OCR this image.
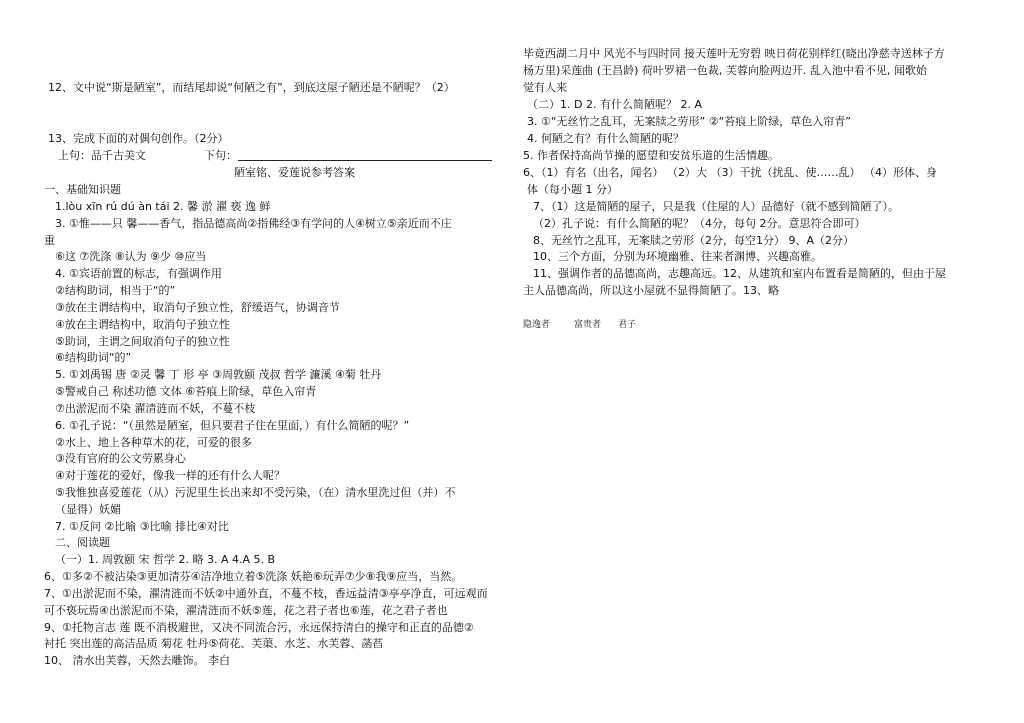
12、文中说“斯是陋室”，而结尾却说“何陋之有”，到底这屋子陋还是不陋呢？（2）
13、完成下面的对偶句创作。（2分）
上句：品千古美文	下句：
陋室铭、爱莲说参考答案
一、基础知识题
1.lòu xīn rú dú àn tái 2. 馨 淤 濯 亵 逸 鲜
3. ①惟——只 馨——香气，指品德高尚②指佛经③有学问的人④树立⑤亲近而不庄
重
⑥这 ⑦洗涤 ⑧认为 ⑨少 ⑩应当
4. ①宾语前置的标志，有强调作用
②结构助词，相当于“的”
③放在主谓结构中，取消句子独立性，舒缓语气，协调音节
④放在主谓结构中，取消句子独立性
⑤助词，主谓之间取消句子的独立性
⑥结构助词“的”
5. ①刘禹锡 唐 ②灵 馨 丁 形 亭 ③周敦颐 茂叔 哲学 濂溪 ④菊 牡丹
⑤警戒自己 称述功德 文体 ⑥苔痕上阶绿，草色入帘青
⑦出淤泥而不染 濯清涟而不妖，不蔓不枝
6. ①孔子说：“（虽然是陋室，但只要君子住在里面，）有什么简陋的呢？”
②水上、地上各种草木的花，可爱的很多
③没有官府的公文劳累身心
④对于莲花的爱好，像我一样的还有什么人呢？
⑤我惟独喜爱莲花（从）污泥里生长出来却不受污染，（在）清水里洗过但（并）不
（显得）妖媚
7. ①反问 ②比喻 ③比喻 排比④对比
二、阅读题
（一）1. 周敦颐 宋 哲学 2. 略 3. A 4.A 5. B
6、①多②不被沾染③更加清芬④洁净地立着⑤洗涤 妖艳⑥玩弄⑦少⑧我⑨应当，当然。
7、①出淤泥而不染，濯清涟而不妖②中通外直，不蔓不枝，香远益清③亭亭净直，可远观而
可不亵玩焉④出淤泥而不染，濯清涟而不妖⑤莲，花之君子者也⑥莲，花之君子者也
9、①托物言志 莲 既不消极避世，又决不同流合污，永远保持清白的操守和正直的品德②
衬托 突出莲的高洁品质 菊花 牡丹⑤荷花、芙蕖、水芝、水芙蓉、菡萏
10、 清水出芙蓉，天然去雕饰。 李白
毕竟西湖二月中 风光不与四时同 接天莲叶无穷碧 映日荷花别样红(晓出净慈寺送林子方
杨万里)采莲曲 (王昌龄) 荷叶罗裙一色裁, 芙蓉向脸两边开. 乱入池中看不见, 闻歌始
觉有人来
（二）1. D 2. 有什么简陋呢？ 2. A
3. ①“无丝竹之乱耳，无案牍之劳形” ②“苔痕上阶绿，草色入帘青”
4. 何陋之有？有什么简陋的呢？
5. 作者保持高尚节操的愿望和安贫乐道的生活情趣。
6、（1）有名（出名，闻名） （2）大 （3）干扰（扰乱、使……乱） （4）形体、身
体（每小题 1 分）
7、（1）这是简陋的屋子，只是我（住屋的人）品德好（就不感到简陋了）。
（2）孔子说：有什么简陋的呢？（4分，每句 2分。意思符合即可）
8、无丝竹之乱耳，无案牍之劳形（2分，每空1分） 9、A（2分）
10、三个方面，分别为环境幽雅、往来者渊博、兴趣高雅。
11、强调作者的品德高尚，志趣高远。12、从建筑和室内布置看是简陋的，但由于屋
主人品德高尚，所以这小屋就不显得简陋了。13、略
隐逸者	富贵者 君子
